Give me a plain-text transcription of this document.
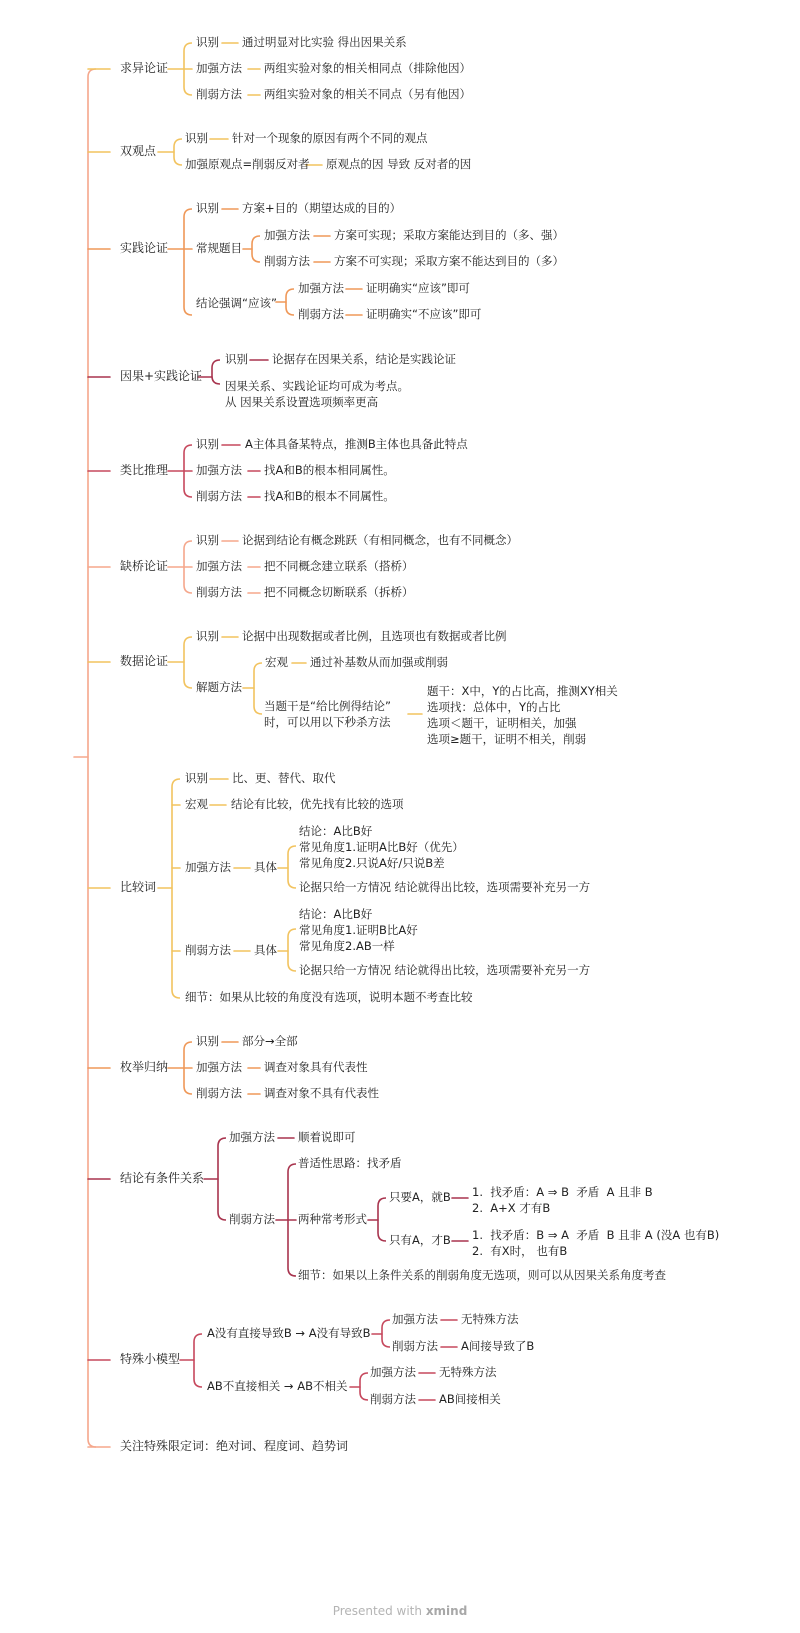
求异论证
双观点
实践论证
因果+实践论证
类比推理
缺桥论证
数据论证
比较词
枚举归纳
结论有条件关系
特殊小模型
关注特殊限定词：绝对词、程度词、趋势词
识别 通过明显对比实验 得出因果关系
加强方法 两组实验对象的相关相同点（排除他因）
削弱方法 两组实验对象的相关不同点（另有他因）
识别 针对一个现象的原因有两个不同的观点
加强原观点=削弱反对者 原观点的因 导致 反对者的因
识别 方案+目的（期望达成的目的）
常规题目
加强方法 方案可实现；采取方案能达到目的（多、强）
削弱方法 方案不可实现；采取方案不能达到目的（多）
结论强调“应该”
加强方法 证明确实“应该”即可
削弱方法 证明确实“不应该”即可
识别 论据存在因果关系，结论是实践论证
因果关系、实践论证均可成为考点。
从 因果关系设置选项频率更高
识别 A主体具备某特点，推测B主体也具备此特点
加强方法 找A和B的根本相同属性。
削弱方法 找A和B的根本不同属性。
识别 论据到结论有概念跳跃（有相同概念，也有不同概念）
加强方法 把不同概念建立联系（搭桥）
削弱方法 把不同概念切断联系（拆桥）
识别 论据中出现数据或者比例，且选项也有数据或者比例
解题方法
宏观 通过补基数从而加强或削弱
当题干是“给比例得结论”
时，可以用以下秒杀方法
题干：X中，Y的占比高，推测XY相关
选项找：总体中，Y的占比
选项＜题干，证明相关，加强
选项≥题干，证明不相关，削弱
识别 比、更、替代、取代
宏观 结论有比较，优先找有比较的选项
加强方法 具体
结论：A比B好
常见角度1.证明A比B好（优先）
常见角度2.只说A好/只说B差
论据只给一方情况 结论就得出比较，选项需要补充另一方
削弱方法 具体
结论：A比B好
常见角度1.证明B比A好
常见角度2.AB一样
论据只给一方情况 结论就得出比较，选项需要补充另一方
细节：如果从比较的角度没有选项，说明本题不考查比较
识别 部分→全部
加强方法 调查对象具有代表性
削弱方法 调查对象不具有代表性
加强方法 顺着说即可
削弱方法
普适性思路：找矛盾
两种常考形式
只要A，就B 1.  找矛盾：A ⇒ B  矛盾  A 且非 B
2.  A+X 才有B
只有A，才B 1.  找矛盾：B ⇒ A  矛盾  B 且非 A (没A 也有B)
2.  有X时， 也有B
细节：如果以上条件关系的削弱角度无选项，则可以从因果关系角度考查
A没有直接导致B → A没有导致B
加强方法 无特殊方法
削弱方法 A间接导致了B
AB不直接相关 → AB不相关
加强方法 无特殊方法
削弱方法 AB间接相关
Presented with xmind
